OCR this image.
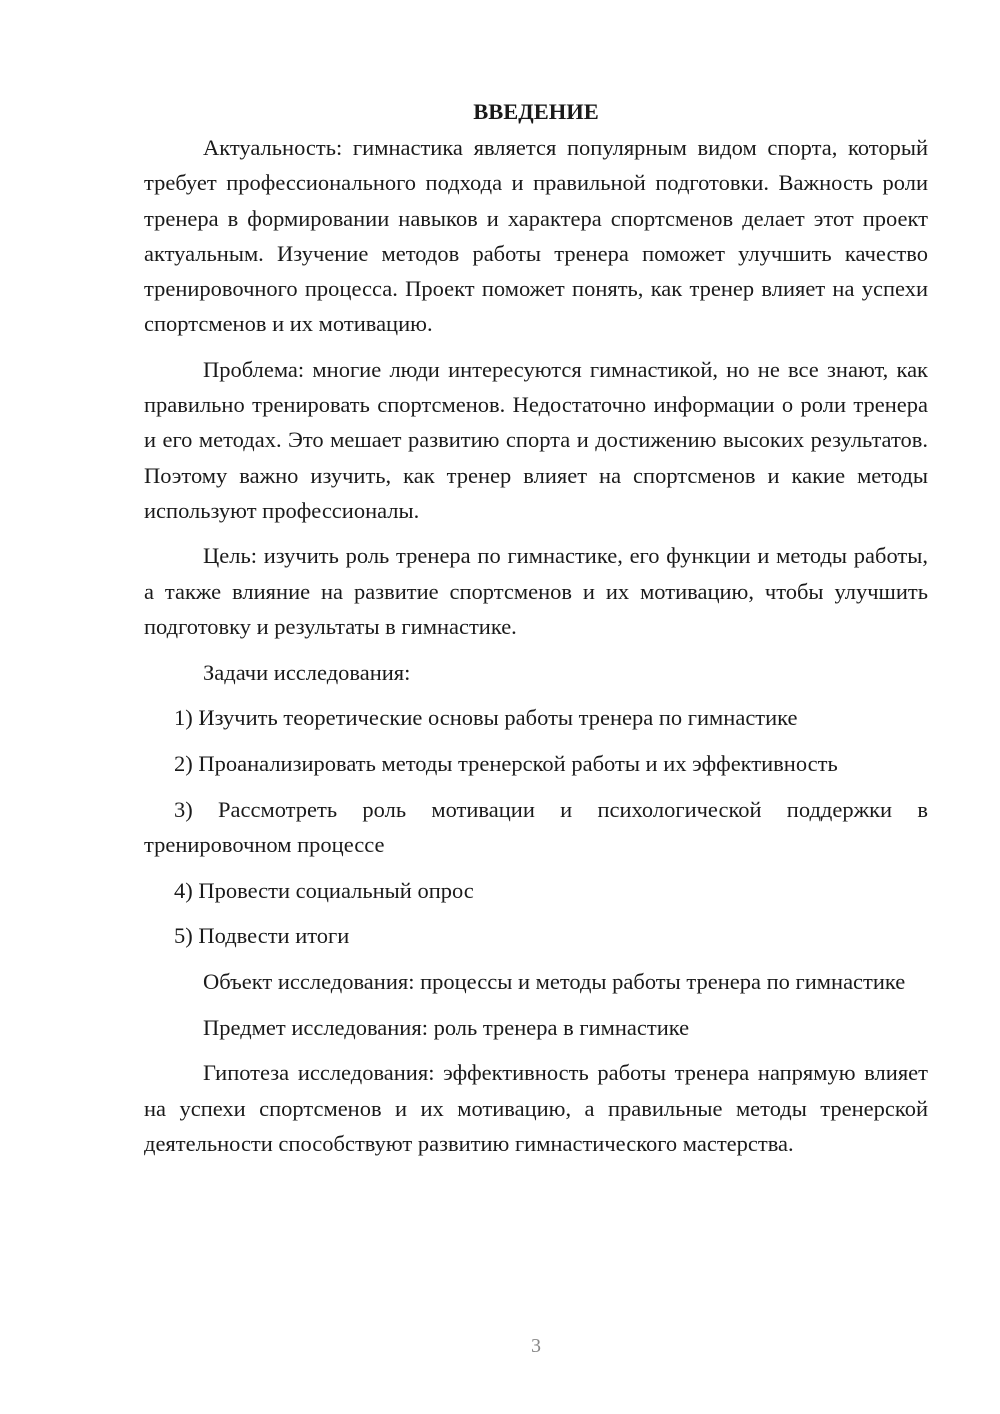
ВВЕДЕНИЕ

Актуальность: гимнастика является популярным видом спорта, который требует профессионального подхода и правильной подготовки. Важность роли тренера в формировании навыков и характера спортсменов делает этот проект актуальным. Изучение методов работы тренера поможет улучшить качество тренировочного процесса. Проект поможет понять, как тренер влияет на успехи спортсменов и их мотивацию.

Проблема: многие люди интересуются гимнастикой, но не все знают, как правильно тренировать спортсменов. Недостаточно информации о роли тренера и его методах. Это мешает развитию спорта и достижению высоких результатов. Поэтому важно изучить, как тренер влияет на спортсменов и какие методы используют профессионалы.

Цель: изучить роль тренера по гимнастике, его функции и методы работы, а также влияние на развитие спортсменов и их мотивацию, чтобы улучшить подготовку и результаты в гимнастике.

Задачи исследования:

1) Изучить теоретические основы работы тренера по гимнастике

2) Проанализировать методы тренерской работы и их эффективность

3) Рассмотреть роль мотивации и психологической поддержки в тренировочном процессе

4) Провести социальный опрос

5) Подвести итоги

Объект исследования: процессы и методы работы тренера по гимнастике

Предмет исследования: роль тренера в гимнастике

Гипотеза исследования: эффективность работы тренера напрямую влияет на успехи спортсменов и их мотивацию, а правильные методы тренерской деятельности способствуют развитию гимнастического мастерства.

3
